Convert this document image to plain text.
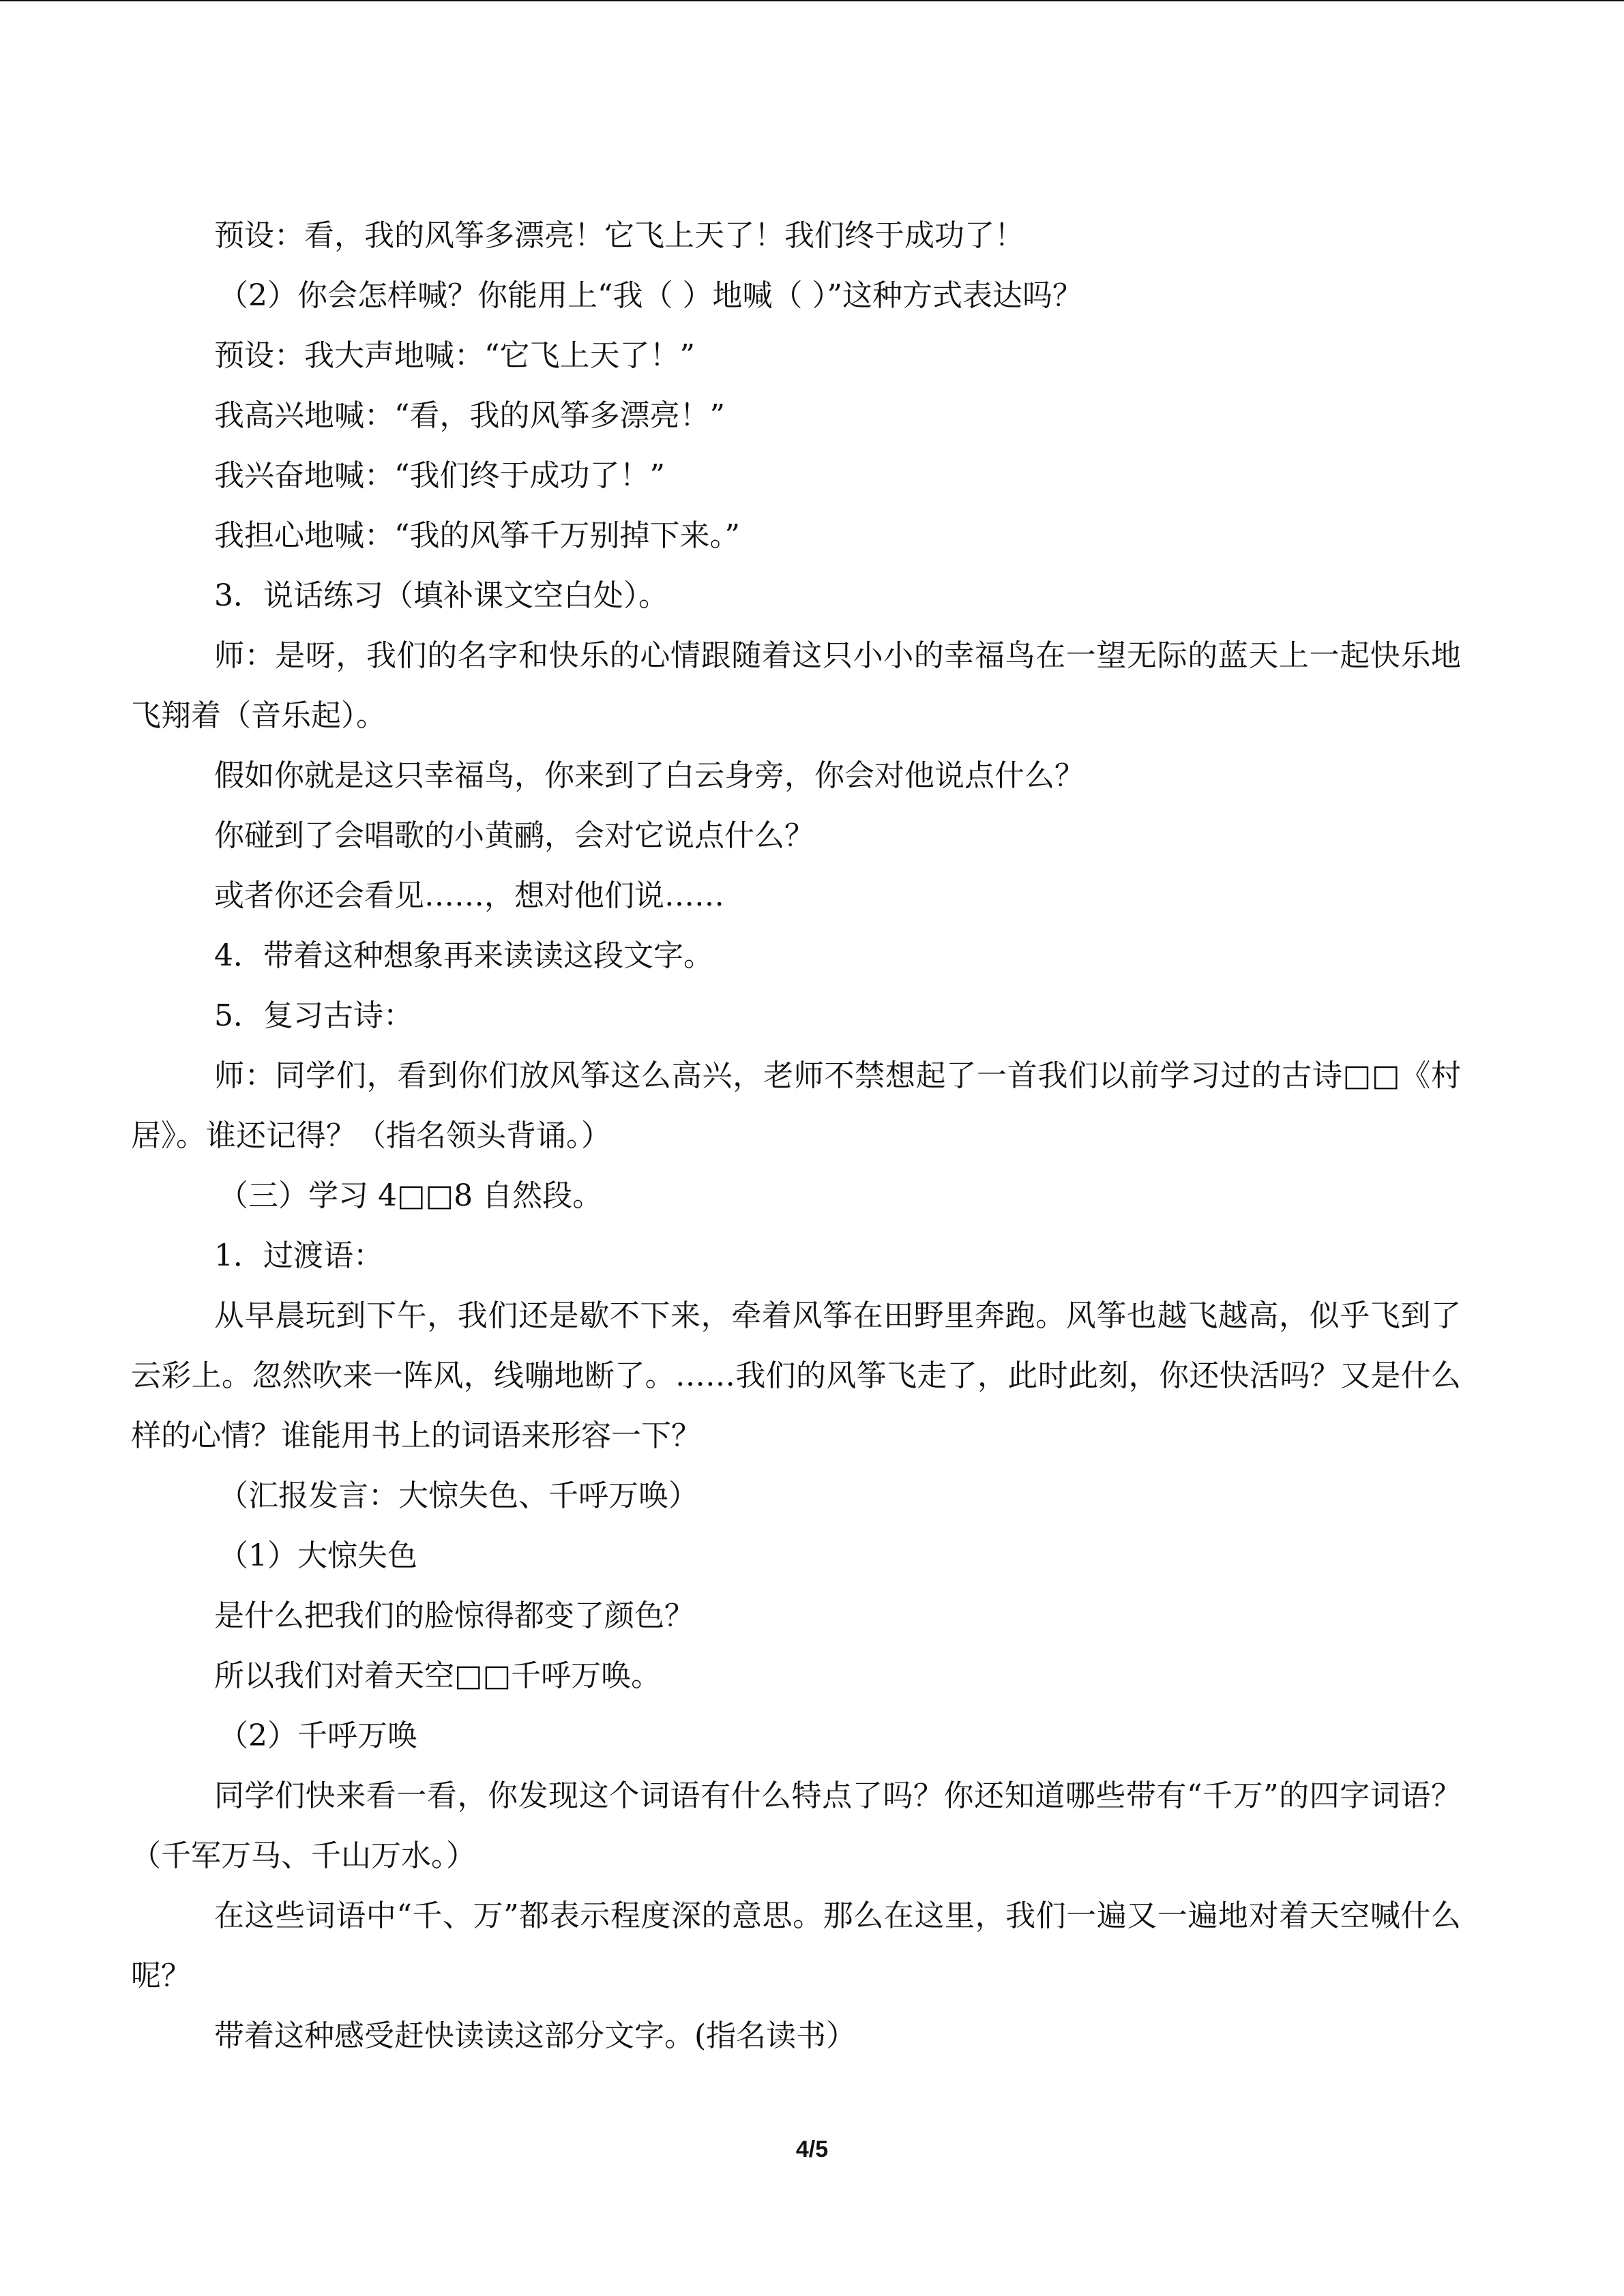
预设：看，我的风筝多漂亮！它飞上天了！我们终于成功了！

（2）你会怎样喊？你能用上“我（ ）地喊（ ）”这种方式表达吗？

预设：我大声地喊：“它飞上天了！”

我高兴地喊：“看，我的风筝多漂亮！”

我兴奋地喊：“我们终于成功了！”

我担心地喊：“我的风筝千万别掉下来。”

3．说话练习（填补课文空白处）。

师：是呀，我们的名字和快乐的心情跟随着这只小小的幸福鸟在一望无际的蓝天上一起快乐地飞翔着（音乐起）。

假如你就是这只幸福鸟，你来到了白云身旁，你会对他说点什么？

你碰到了会唱歌的小黄鹂，会对它说点什么？

或者你还会看见……，想对他们说……

4．带着这种想象再来读读这段文字。

5．复习古诗：

师：同学们，看到你们放风筝这么高兴，老师不禁想起了一首我们以前学习过的古诗□□《村居》。谁还记得？（指名领头背诵。）

（三）学习 4□□8 自然段。

1．过渡语：

从早晨玩到下午，我们还是歇不下来，牵着风筝在田野里奔跑。风筝也越飞越高，似乎飞到了云彩上。忽然吹来一阵风，线嘣地断了。……我们的风筝飞走了，此时此刻，你还快活吗？又是什么样的心情？谁能用书上的词语来形容一下？

（汇报发言：大惊失色、千呼万唤）

（1）大惊失色

是什么把我们的脸惊得都变了颜色？

所以我们对着天空□□千呼万唤。

（2）千呼万唤

同学们快来看一看，你发现这个词语有什么特点了吗？你还知道哪些带有“千万”的四字词语？（千军万马、千山万水。）

在这些词语中“千、万”都表示程度深的意思。那么在这里，我们一遍又一遍地对着天空喊什么呢？

带着这种感受赶快读读这部分文字。(指名读书）

4/5
